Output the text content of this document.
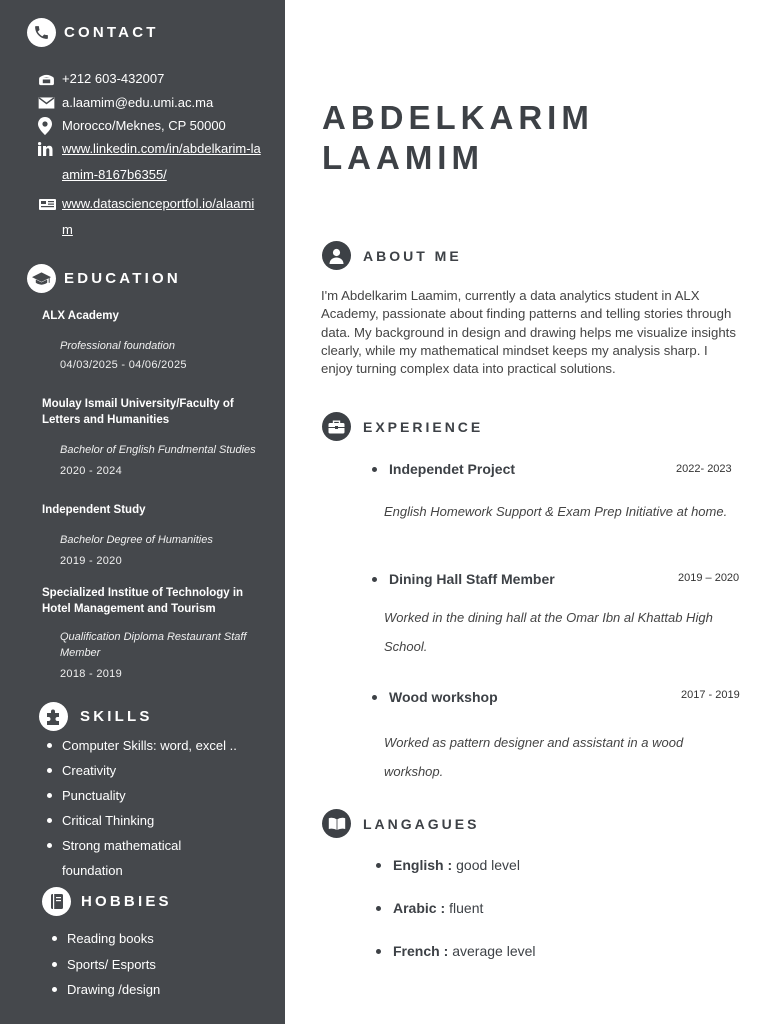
CONTACT
+212 603-432007
a.laamim@edu.umi.ac.ma
Morocco/Meknes, CP 50000
www.linkedin.com/in/abdelkarim-laamim-8167b6355/
www.datascienceportfol.io/alaamim
EDUCATION
ALX Academy
Professional foundation
04/03/2025 - 04/06/2025
Moulay Ismail University/Faculty of Letters and Humanities
Bachelor of English Fundmental Studies
2020 - 2024
Independent Study
Bachelor Degree of Humanities
2019 - 2020
Specialized Institue of Technology in Hotel Management and Tourism
Qualification Diploma Restaurant Staff Member
2018 - 2019
SKILLS
Computer Skills: word, excel ..
Creativity
Punctuality
Critical Thinking
Strong mathematical foundation
HOBBIES
Reading books
Sports/ Esports
Drawing /design
ABDELKARIM
LAAMIM
ABOUT ME
I'm Abdelkarim Laamim, currently a data analytics student in ALX Academy, passionate about finding patterns and telling stories through data. My background in design and drawing helps me visualize insights clearly, while my mathematical mindset keeps my analysis sharp. I enjoy turning complex data into practical solutions.
EXPERIENCE
Independet Project	2022- 2023
English Homework Support & Exam Prep Initiative at home.
Dining Hall Staff Member	2019 – 2020
Worked in the dining hall at the Omar Ibn al Khattab High School.
Wood workshop	2017 - 2019
Worked as pattern designer and assistant in a wood workshop.
LANGAGUES
English : good level
Arabic : fluent
French : average level
